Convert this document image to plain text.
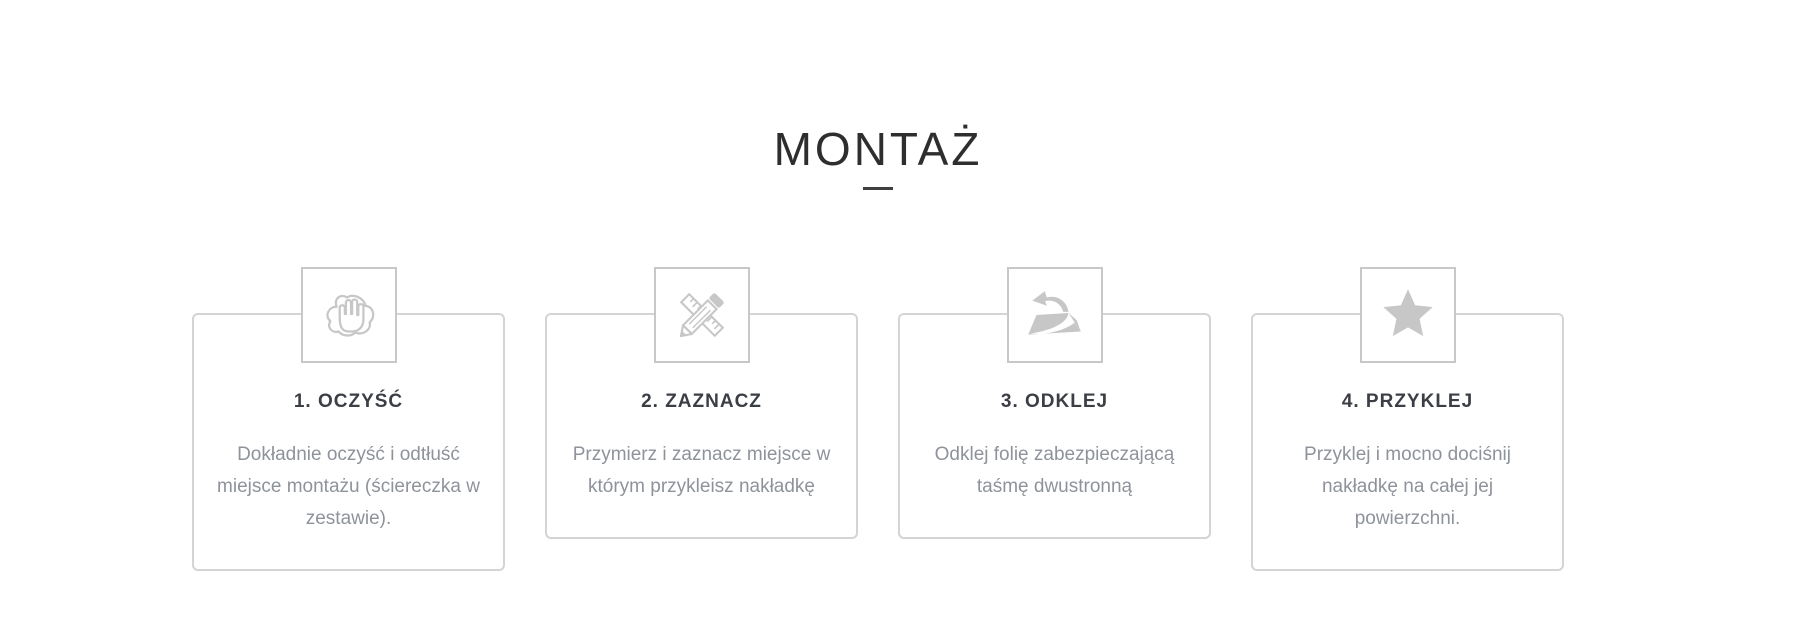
MONTAŻ
1. OCZYŚĆ

Dokładnie oczyść i odtłuść miejsce montażu (ściereczka w zestawie).

2. ZAZNACZ

Przymierz i zaznacz miejsce w którym przykleisz nakładkę

3. ODKLEJ

Odklej folię zabezpieczającą taśmę dwustronną

4. PRZYKLEJ

Przyklej i mocno dociśnij nakładkę na całej jej powierzchni.
